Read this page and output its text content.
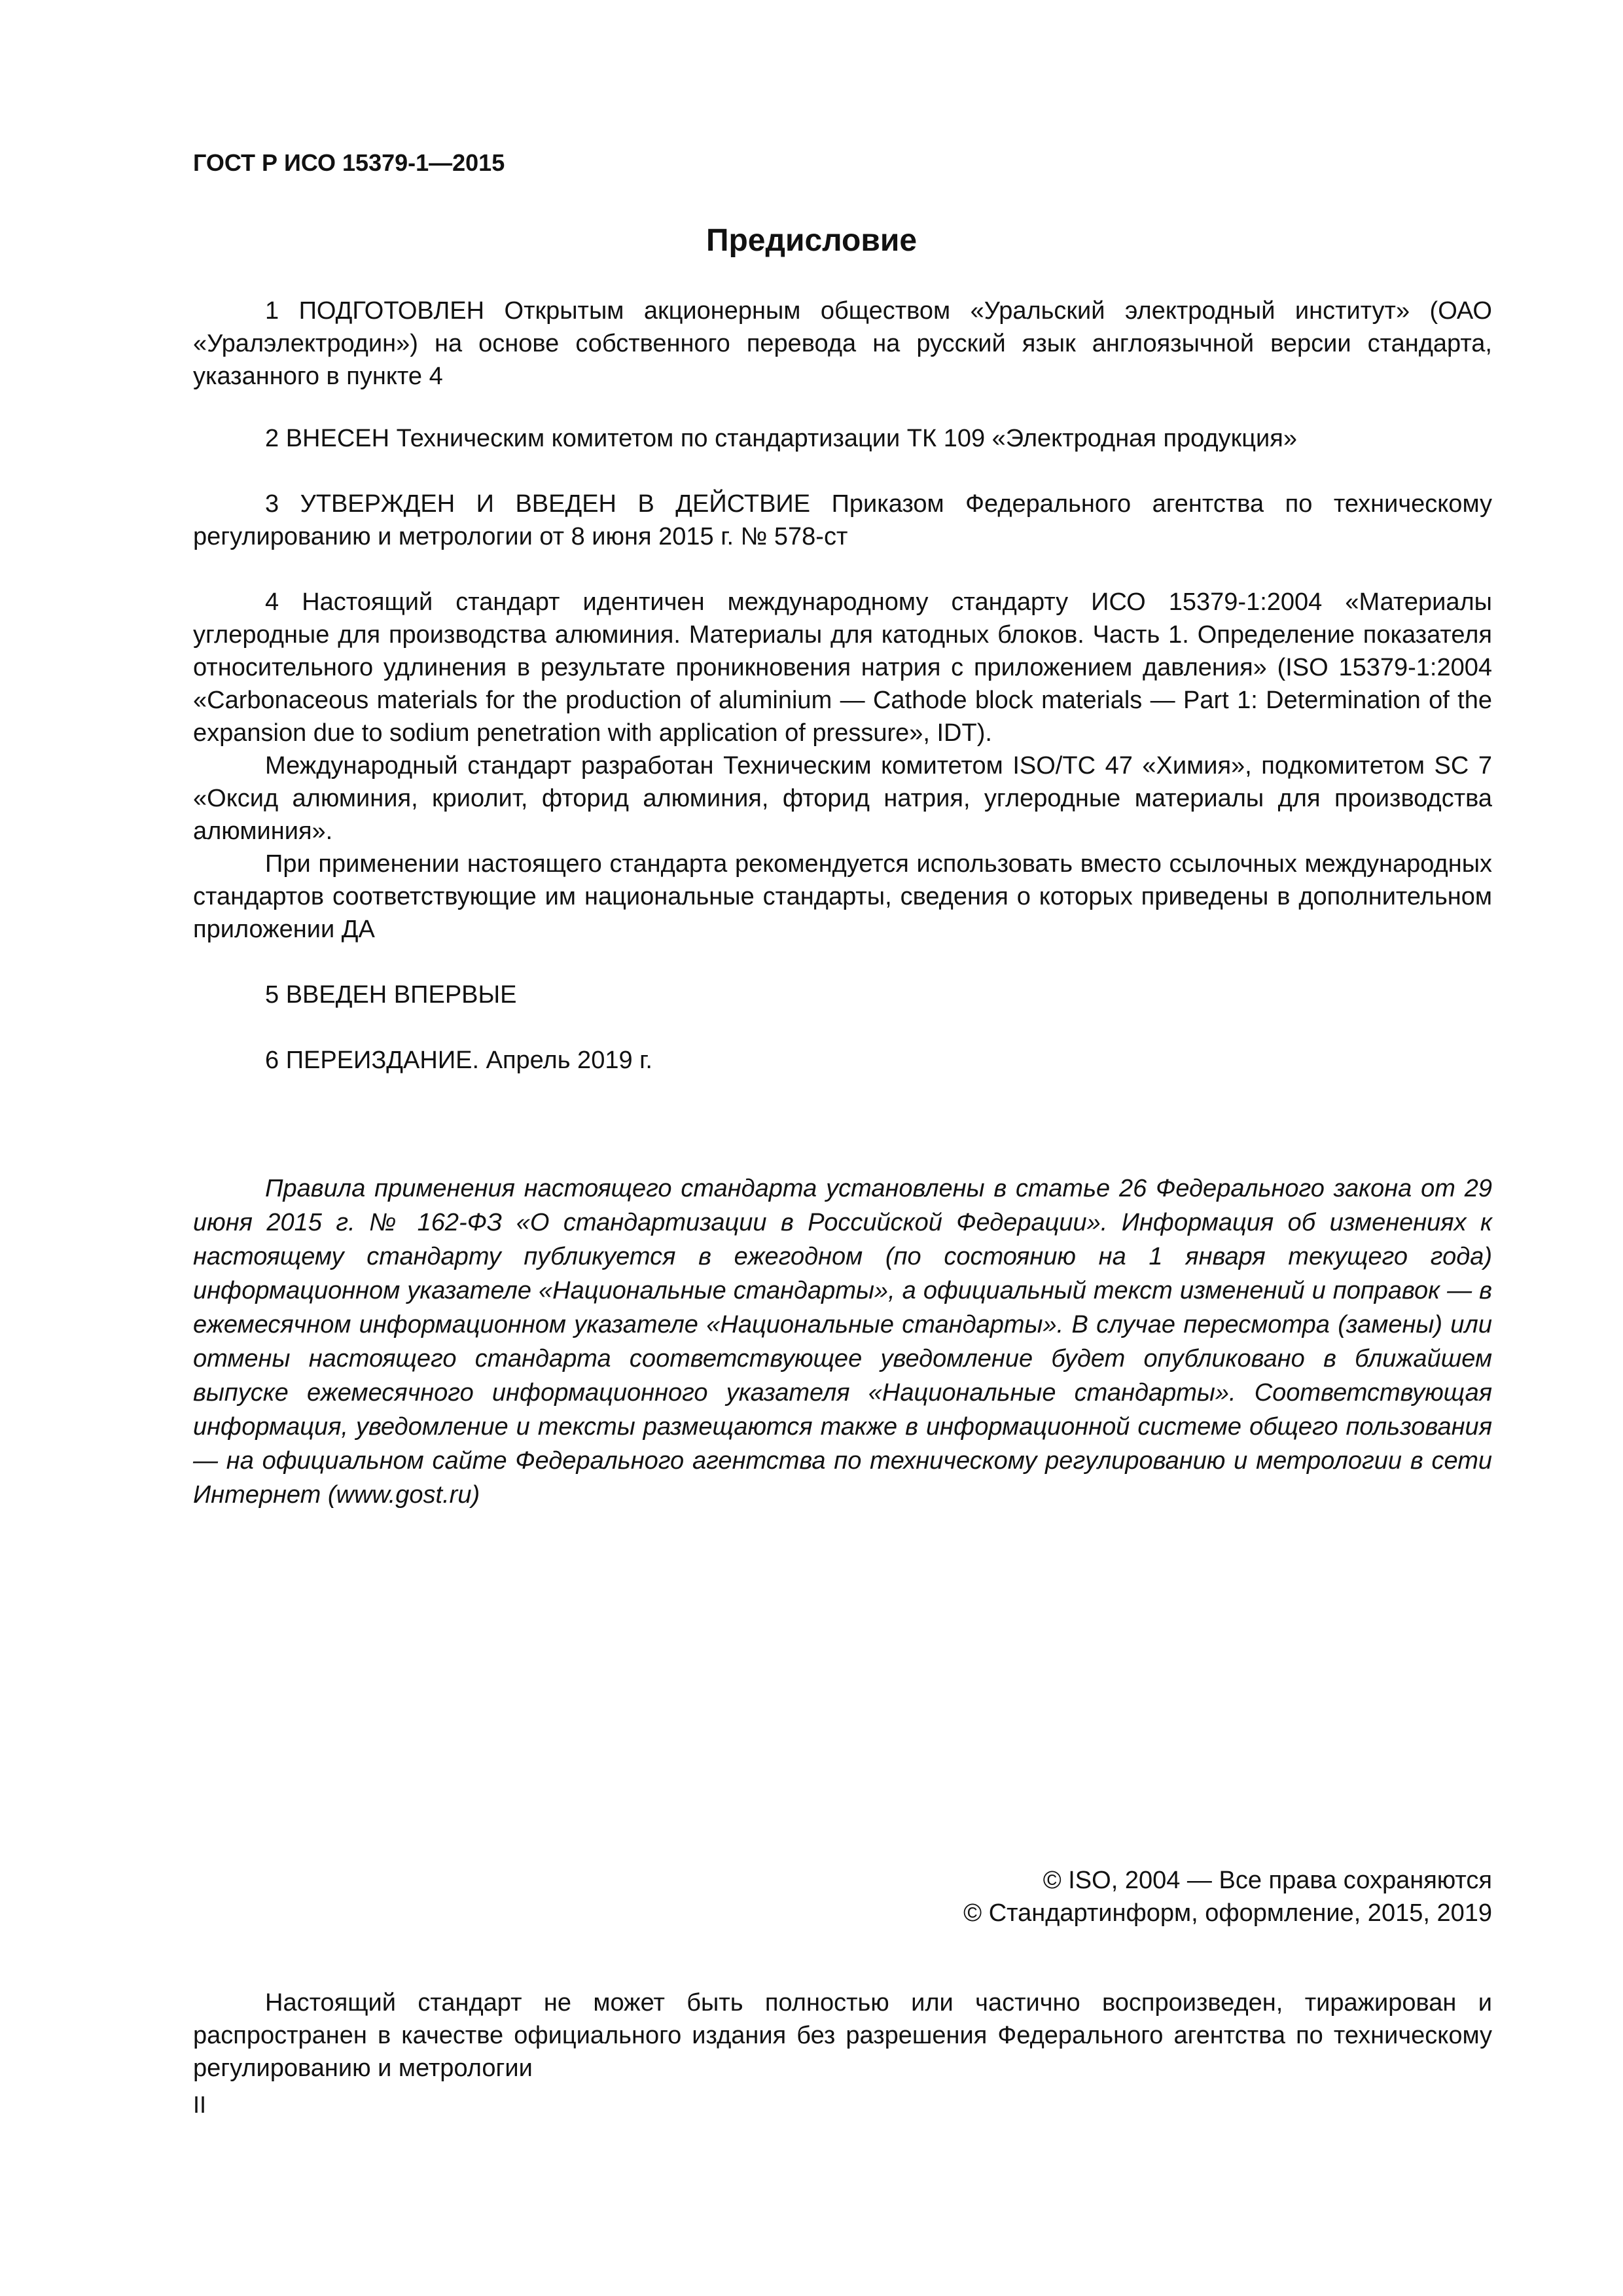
ГОСТ Р ИСО 15379-1—2015
Предисловие

1 ПОДГОТОВЛЕН Открытым акционерным обществом «Уральский электродный институт» (ОАО «Уралэлектродин») на основе собственного перевода на русский язык англоязычной версии стандарта, указанного в пункте 4

2 ВНЕСЕН Техническим комитетом по стандартизации ТК 109 «Электродная продукция»

3 УТВЕРЖДЕН И ВВЕДЕН В ДЕЙСТВИЕ Приказом Федерального агентства по техническому регулированию и метрологии от 8 июня 2015 г. № 578-ст

4 Настоящий стандарт идентичен международному стандарту ИСО 15379-1:2004 «Материалы углеродные для производства алюминия. Материалы для катодных блоков. Часть 1. Определение показателя относительного удлинения в результате проникновения натрия с приложением давления» (ISO 15379-1:2004 «Carbonaceous materials for the production of aluminium — Cathode block materials — Part 1: Determination of the expansion due to sodium penetration with application of pressure», IDT).

Международный стандарт разработан Техническим комитетом ISO/TC 47 «Химия», подкомитетом SC 7 «Оксид алюминия, криолит, фторид алюминия, фторид натрия, углеродные материалы для производства алюминия».

При применении настоящего стандарта рекомендуется использовать вместо ссылочных международных стандартов соответствующие им национальные стандарты, сведения о которых приведены в дополнительном приложении ДА

5 ВВЕДЕН ВПЕРВЫЕ

6 ПЕРЕИЗДАНИЕ. Апрель 2019 г.

Правила применения настоящего стандарта установлены в статье 26 Федерального закона от 29 июня 2015 г. № 162-ФЗ «О стандартизации в Российской Федерации». Информация об изменениях к настоящему стандарту публикуется в ежегодном (по состоянию на 1 января текущего года) информационном указателе «Национальные стандарты», а официальный текст изменений и поправок — в ежемесячном информационном указателе «Национальные стандарты». В случае пересмотра (замены) или отмены настоящего стандарта соответствующее уведомление будет опубликовано в ближайшем выпуске ежемесячного информационного указателя «Национальные стандарты». Соответствующая информация, уведомление и тексты размещаются также в информационной системе общего пользования — на официальном сайте Федерального агентства по техническому регулированию и метрологии в сети Интернет (www.gost.ru)

© ISO, 2004 — Все права сохраняются
© Стандартинформ, оформление, 2015, 2019

Настоящий стандарт не может быть полностью или частично воспроизведен, тиражирован и распространен в качестве официального издания без разрешения Федерального агентства по техническому регулированию и метрологии

II
